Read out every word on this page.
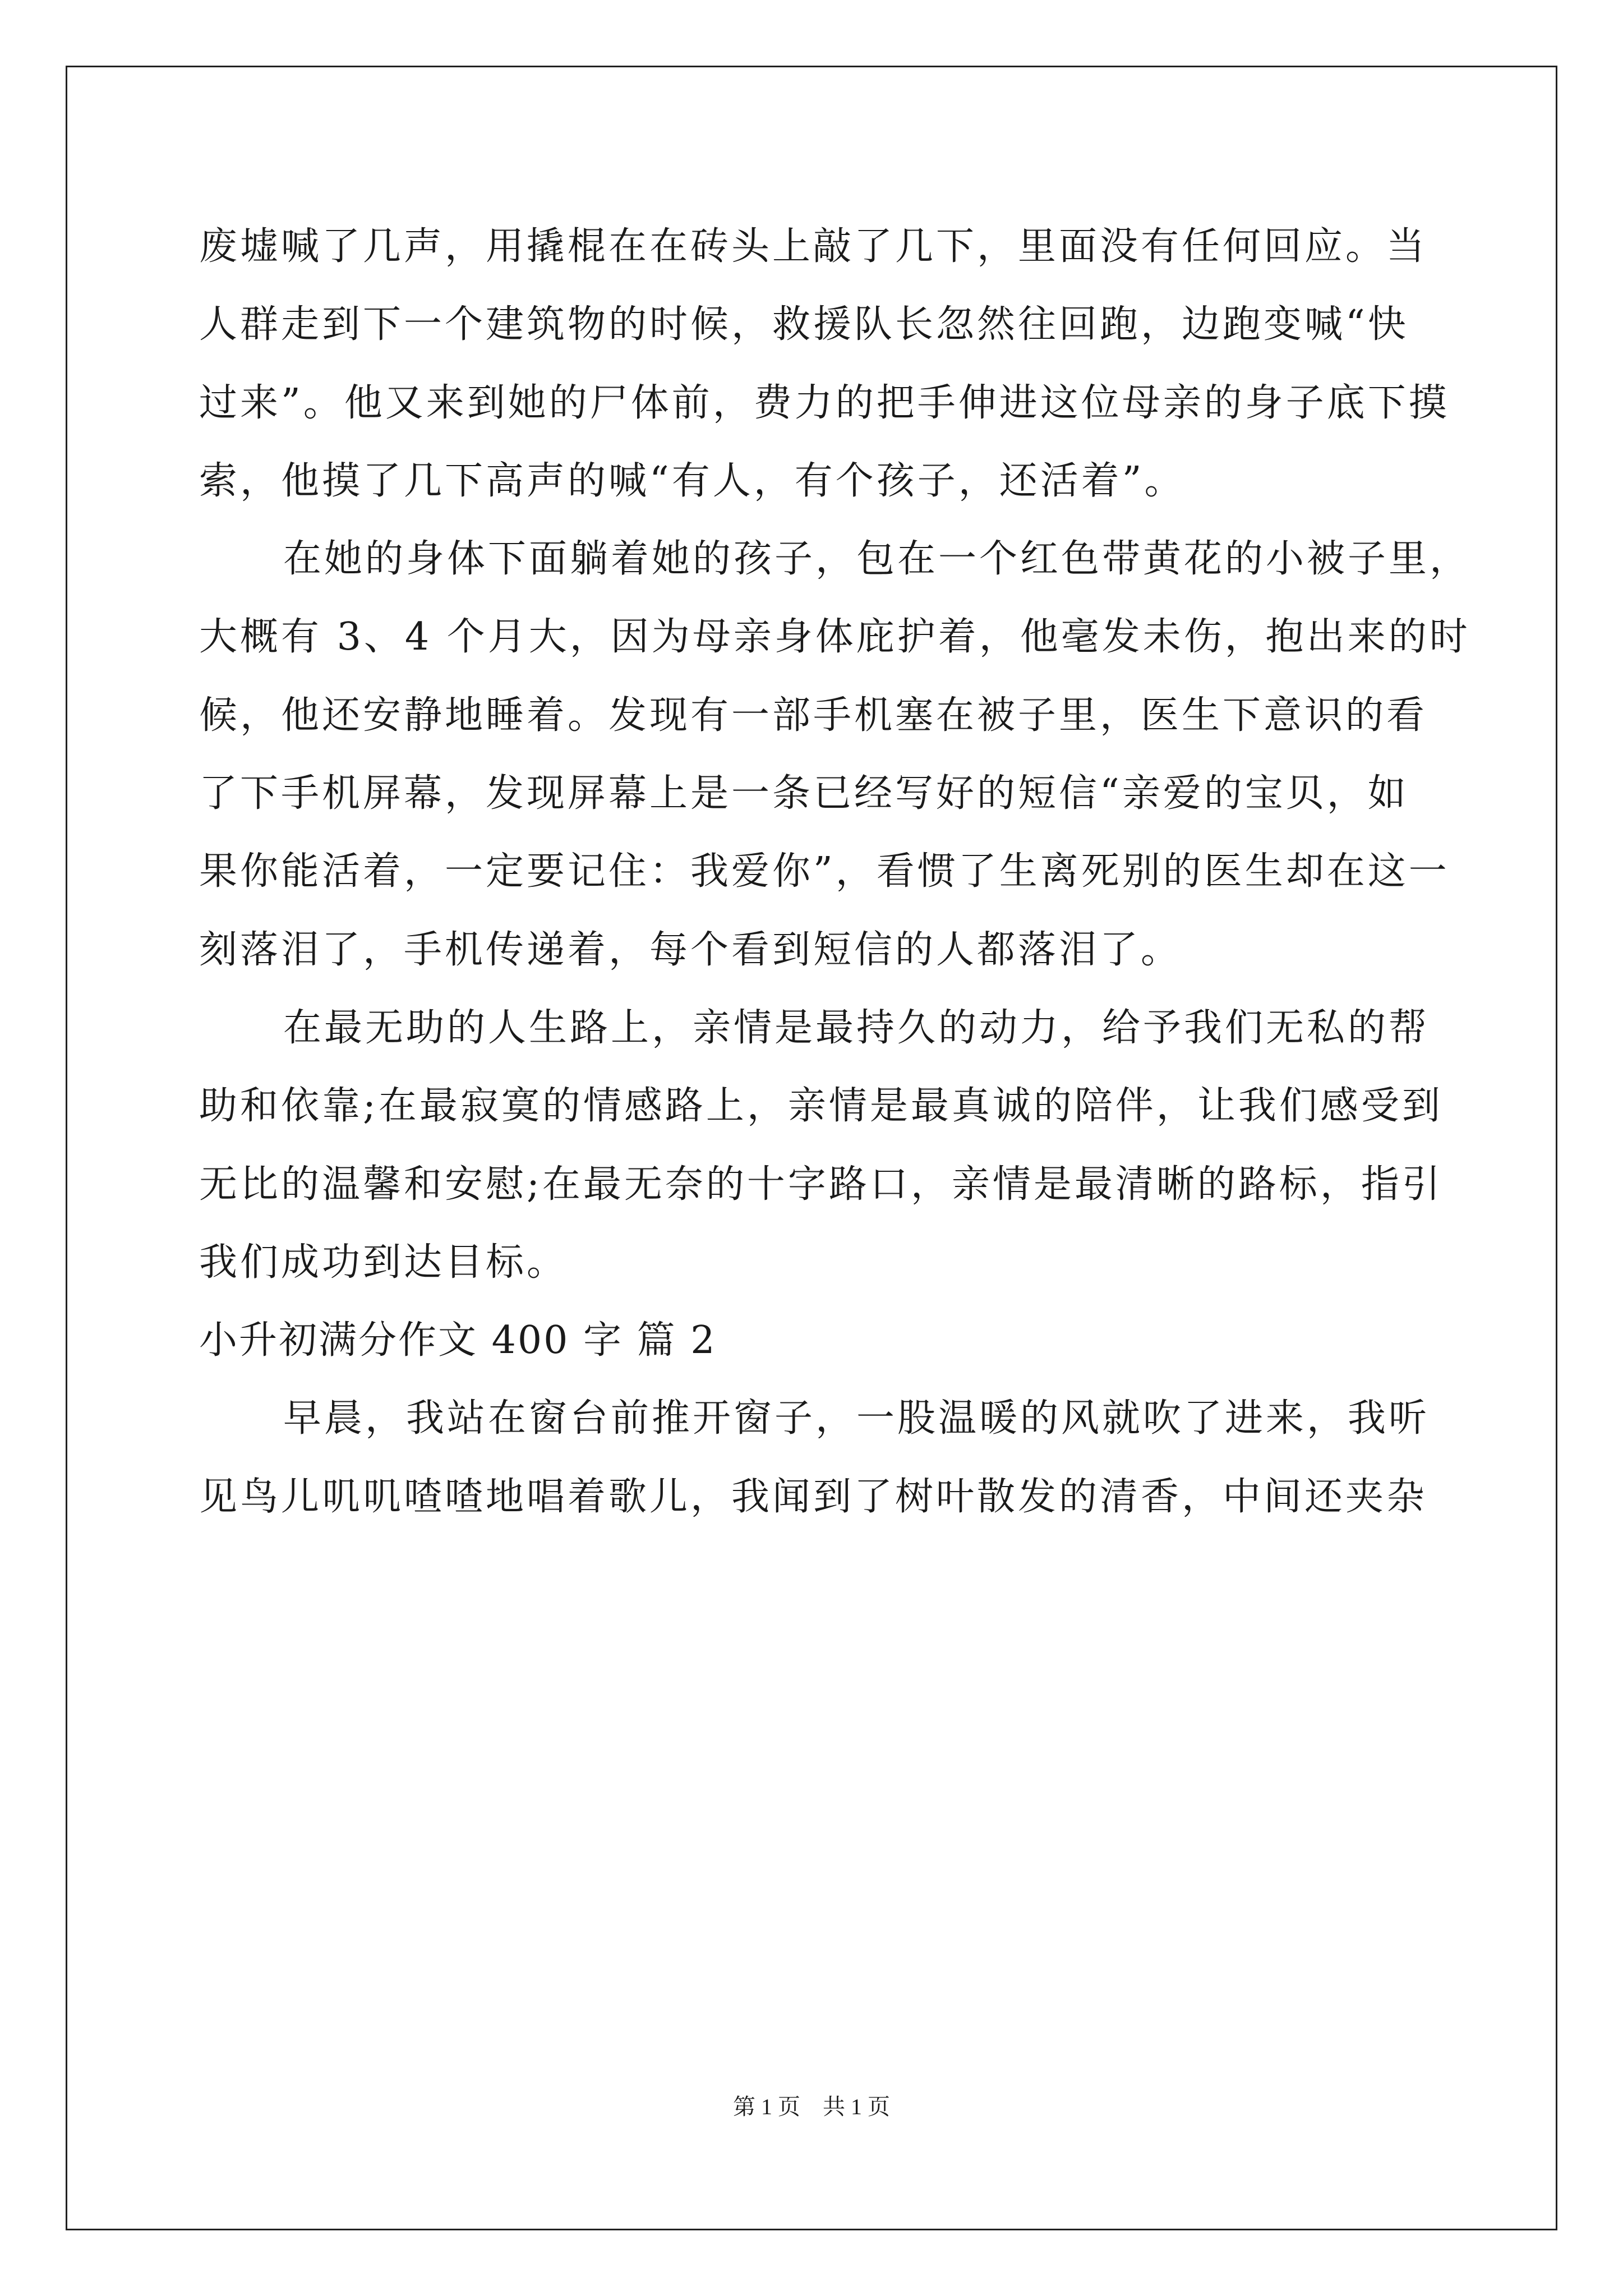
废墟喊了几声，用撬棍在在砖头上敲了几下，里面没有任何回应。当
人群走到下一个建筑物的时候，救援队长忽然往回跑，边跑变喊“快
过来”。他又来到她的尸体前，费力的把手伸进这位母亲的身子底下摸
索，他摸了几下高声的喊“有人，有个孩子，还活着”。
在她的身体下面躺着她的孩子，包在一个红色带黄花的小被子里，
大概有 3、4 个月大，因为母亲身体庇护着，他毫发未伤，抱出来的时
候，他还安静地睡着。发现有一部手机塞在被子里，医生下意识的看
了下手机屏幕，发现屏幕上是一条已经写好的短信“亲爱的宝贝，如
果你能活着，一定要记住：我爱你”，看惯了生离死别的医生却在这一
刻落泪了，手机传递着，每个看到短信的人都落泪了。
在最无助的人生路上，亲情是最持久的动力，给予我们无私的帮
助和依靠;在最寂寞的情感路上，亲情是最真诚的陪伴，让我们感受到
无比的温馨和安慰;在最无奈的十字路口，亲情是最清晰的路标，指引
我们成功到达目标。
小升初满分作文 400 字 篇 2
早晨，我站在窗台前推开窗子，一股温暖的风就吹了进来，我听
见鸟儿叽叽喳喳地唱着歌儿，我闻到了树叶散发的清香，中间还夹杂
第 1 页 共 1 页
